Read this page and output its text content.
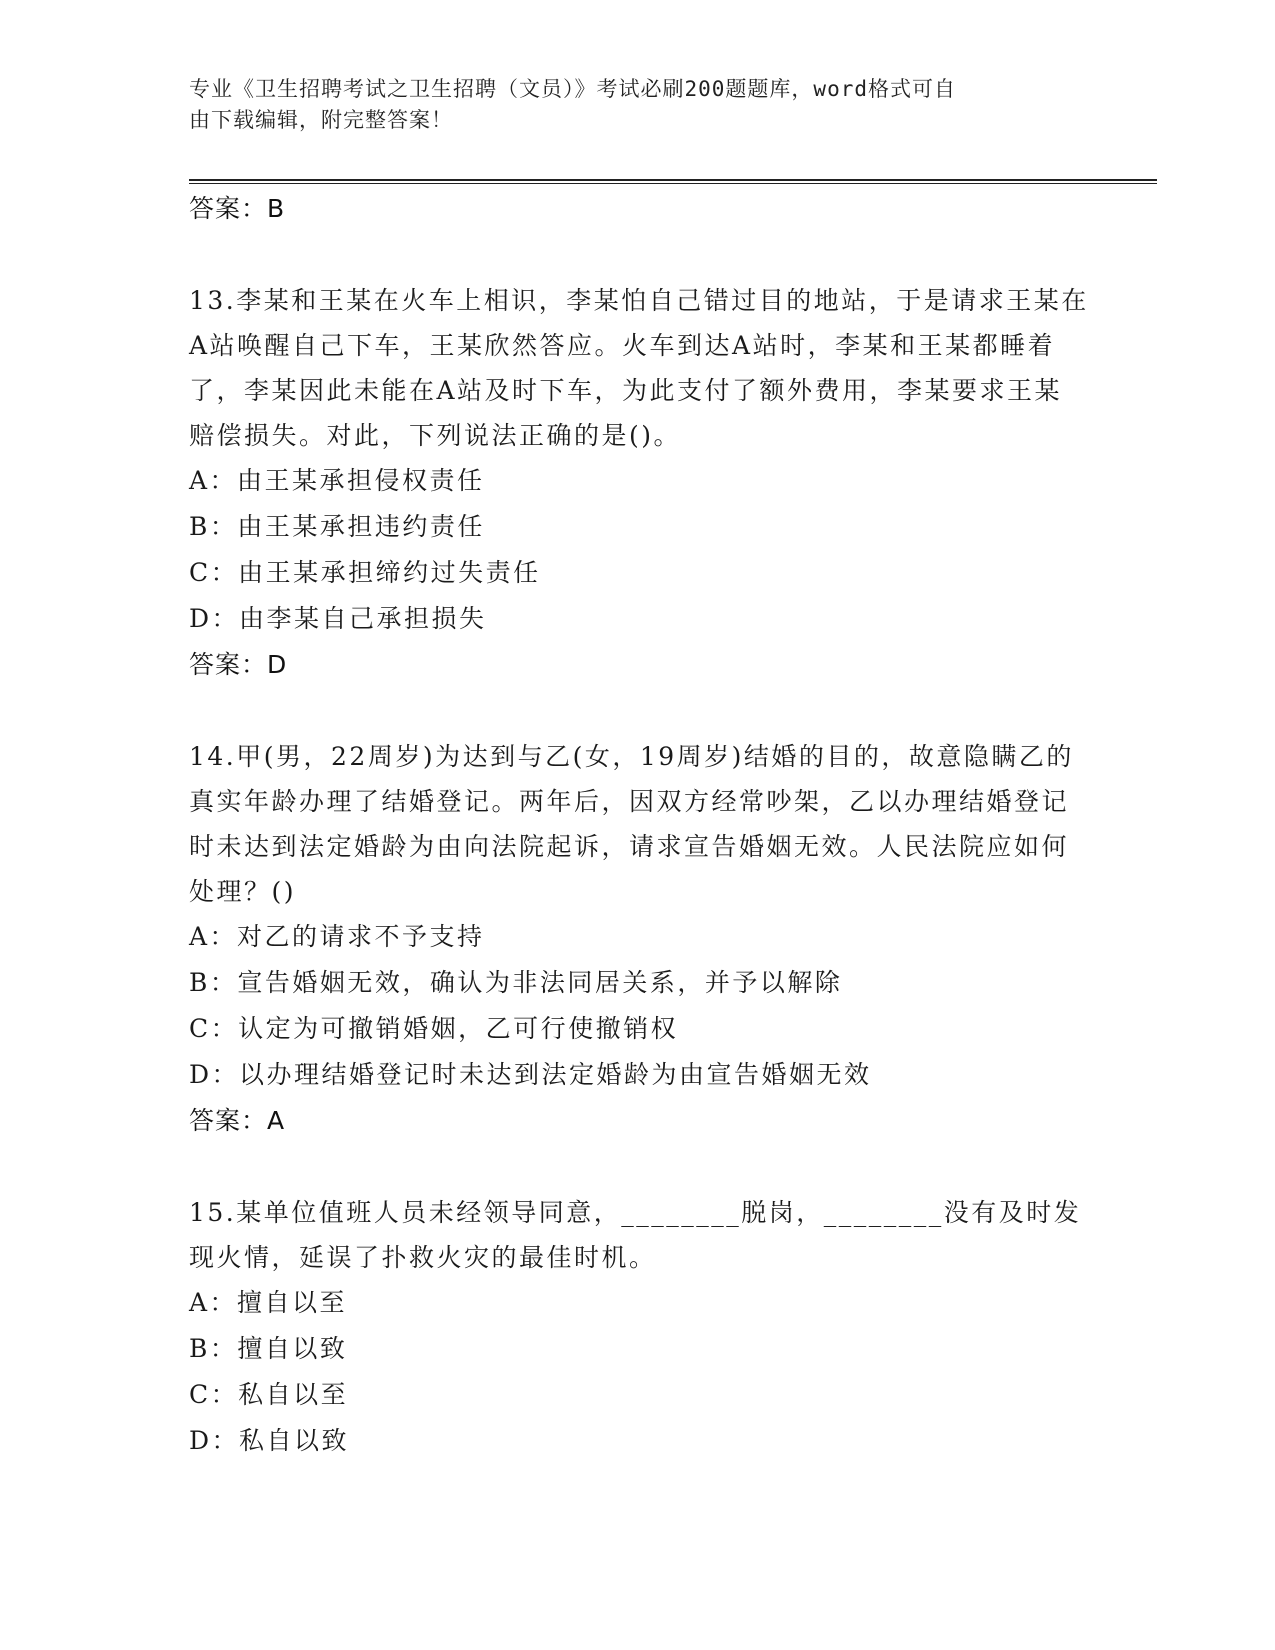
专业《卫生招聘考试之卫生招聘（文员）》考试必刷200题题库，word格式可自
由下载编辑，附完整答案！
答案：B
13.李某和王某在火车上相识，李某怕自己错过目的地站，于是请求王某在A站唤醒自己下车，王某欣然答应。火车到达A站时，李某和王某都睡着了，李某因此未能在A站及时下车，为此支付了额外费用，李某要求王某赔偿损失。对此，下列说法正确的是()。
A：由王某承担侵权责任
B：由王某承担违约责任
C：由王某承担缔约过失责任
D：由李某自己承担损失
答案：D
14.甲(男，22周岁)为达到与乙(女，19周岁)结婚的目的，故意隐瞒乙的真实年龄办理了结婚登记。两年后，因双方经常吵架，乙以办理结婚登记时未达到法定婚龄为由向法院起诉，请求宣告婚姻无效。人民法院应如何处理？()
A：对乙的请求不予支持
B：宣告婚姻无效，确认为非法同居关系，并予以解除
C：认定为可撤销婚姻，乙可行使撤销权
D：以办理结婚登记时未达到法定婚龄为由宣告婚姻无效
答案：A
15.某单位值班人员未经领导同意，________脱岗，________没有及时发现火情，延误了扑救火灾的最佳时机。
A：擅自以至
B：擅自以致
C：私自以至
D：私自以致
